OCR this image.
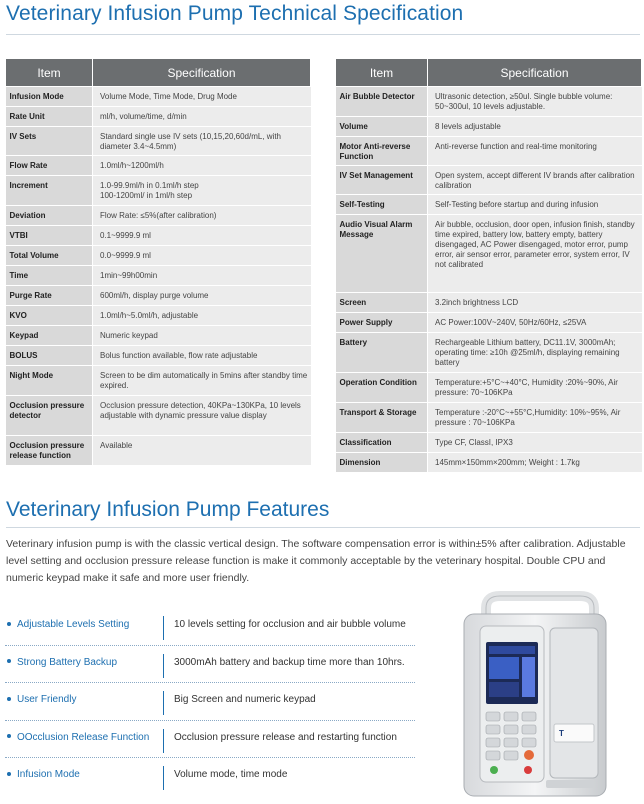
Veterinary Infusion Pump Technical Specification
Item	Specification
Infusion Mode	Volume Mode, Time Mode, Drug Mode
Rate Unit	ml/h, volume/time, d/min
IV Sets	Standard single use IV sets (10,15,20,60d/mL, with diameter 3.4~4.5mm)
Flow Rate	1.0ml/h~1200ml/h
Increment	1.0-99.9ml/h in 0.1ml/h step
100-1200ml/ in 1ml/h step
Deviation	Flow Rate: ≤5%(after calibration)
VTBI	0.1~9999.9 ml
Total Volume	0.0~9999.9 ml
Time	1min~99h00min
Purge Rate	600ml/h, display purge volume
KVO	1.0ml/h~5.0ml/h, adjustable
Keypad	Numeric keypad
BOLUS	Bolus function available, flow rate adjustable
Night Mode	Screen to be dim automatically in 5mins after standby time expired.
Occlusion pressure detector	Occlusion pressure detection, 40KPa~130KPa, 10 levels adjustable with dynamic pressure value display
Occlusion pressure release function	Available
Item	Specification
Air Bubble Detector	Ultrasonic detection, ≥50ul. Single bubble volume: 50~300ul, 10 levels adjustable.
Volume	8 levels adjustable
Motor Anti-reverse Function	Anti-reverse function and real-time monitoring
IV Set Management	Open system, accept different IV brands after calibration calibration
Self-Testing	Self-Testing before startup and during infusion
Audio Visual Alarm Message	Air bubble, occlusion, door open, infusion finish, standby time expired, battery low, battery empty, battery disengaged, AC Power disengaged, motor error, pump error, air sensor error, parameter error, system error, IV not calibrated
Screen	3.2inch brightness LCD
Power Supply	AC Power:100V~240V, 50Hz/60Hz, ≤25VA
Battery	Rechargeable Lithium battery, DC11.1V, 3000mAh; operating time: ≥10h @25ml/h, displaying remaining battery
Operation Condition	Temperature:+5°C~+40°C, Humidity :20%~90%, Air pressure: 70~106KPa
Transport & Storage	Temperature :-20°C~+55°C,Humidity: 10%~95%, Air pressure : 70~106KPa
Classification	Type CF, ClassI, IPX3
Dimension	145mm×150mm×200mm; Weight : 1.7kg
Veterinary Infusion Pump Features
Veterinary infusion pump is with the classic vertical design. The software compensation error is within±5% after calibration. Adjustable level setting and occlusion pressure release function is make it commonly acceptable by the veterinary hospital. Double CPU and numeric keypad make it safe and more user friendly.
Adjustable Levels Setting	10 levels setting for occlusion and air bubble volume
Strong Battery Backup	3000mAh battery and backup time more than 10hrs.
User Friendly	Big Screen and numeric keypad
OOcclusion Release Function	Occlusion pressure release and restarting function
Infusion Mode	Volume mode, time mode
T
